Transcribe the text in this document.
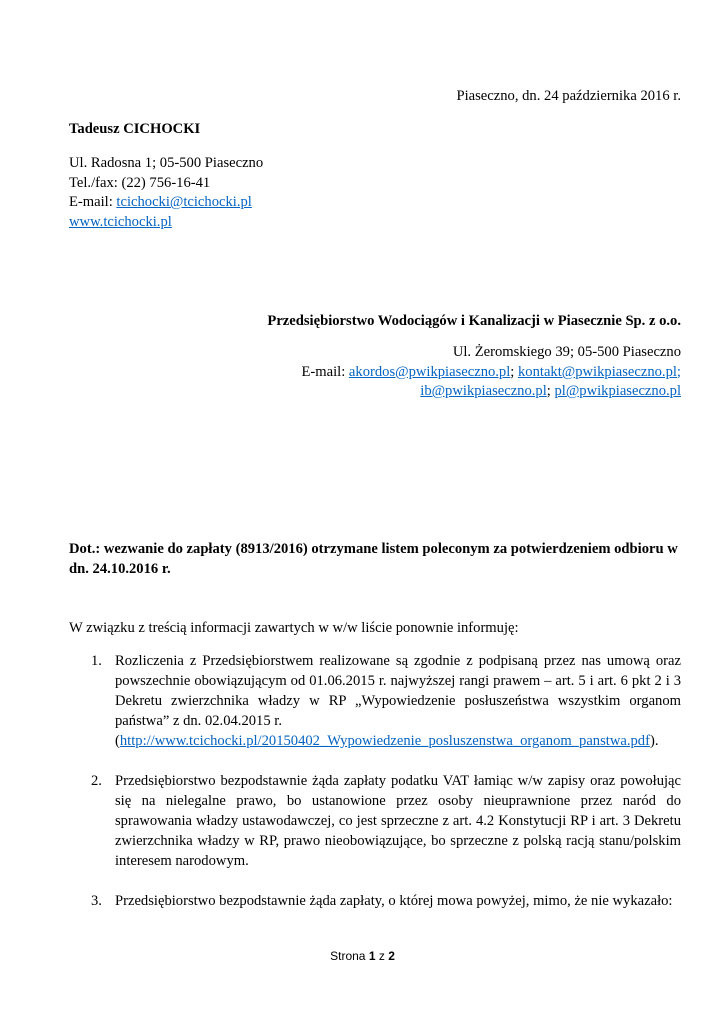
Piaseczno, dn. 24 października 2016 r.
Tadeusz CICHOCKI
Ul. Radosna 1; 05-500 Piaseczno
Tel./fax: (22) 756-16-41
E-mail: tcichocki@tcichocki.pl
www.tcichocki.pl
Przedsiębiorstwo Wodociągów i Kanalizacji w Piasecznie Sp. z o.o.
Ul. Żeromskiego 39; 05-500 Piaseczno
E-mail: akordos@pwikpiaseczno.pl; kontakt@pwikpiaseczno.pl;
ib@pwikpiaseczno.pl; pl@pwikpiaseczno.pl
Dot.: wezwanie do zapłaty (8913/2016) otrzymane listem poleconym za potwierdzeniem odbioru w dn. 24.10.2016 r.
W związku z treścią informacji zawartych w w/w liście ponownie informuję:
1. Rozliczenia z Przedsiębiorstwem realizowane są zgodnie z podpisaną przez nas umową oraz powszechnie obowiązującym od 01.06.2015 r. najwyższej rangi prawem – art. 5 i art. 6 pkt 2 i 3 Dekretu zwierzchnika władzy w RP „Wypowiedzenie posłuszeństwa wszystkim organom państwa” z dn. 02.04.2015 r.

(http://www.tcichocki.pl/20150402_Wypowiedzenie_posluszenstwa_organom_panstwa.pdf).

2. Przedsiębiorstwo bezpodstawnie żąda zapłaty podatku VAT łamiąc w/w zapisy oraz powołując się na nielegalne prawo, bo ustanowione przez osoby nieuprawnione przez naród do sprawowania władzy ustawodawczej, co jest sprzeczne z art. 4.2 Konstytucji RP i art. 3 Dekretu zwierzchnika władzy w RP, prawo nieobowiązujące, bo sprzeczne z polską racją stanu/polskim interesem narodowym.

3. Przedsiębiorstwo bezpodstawnie żąda zapłaty, o której mowa powyżej, mimo, że nie wykazało:

Strona 1 z 2
